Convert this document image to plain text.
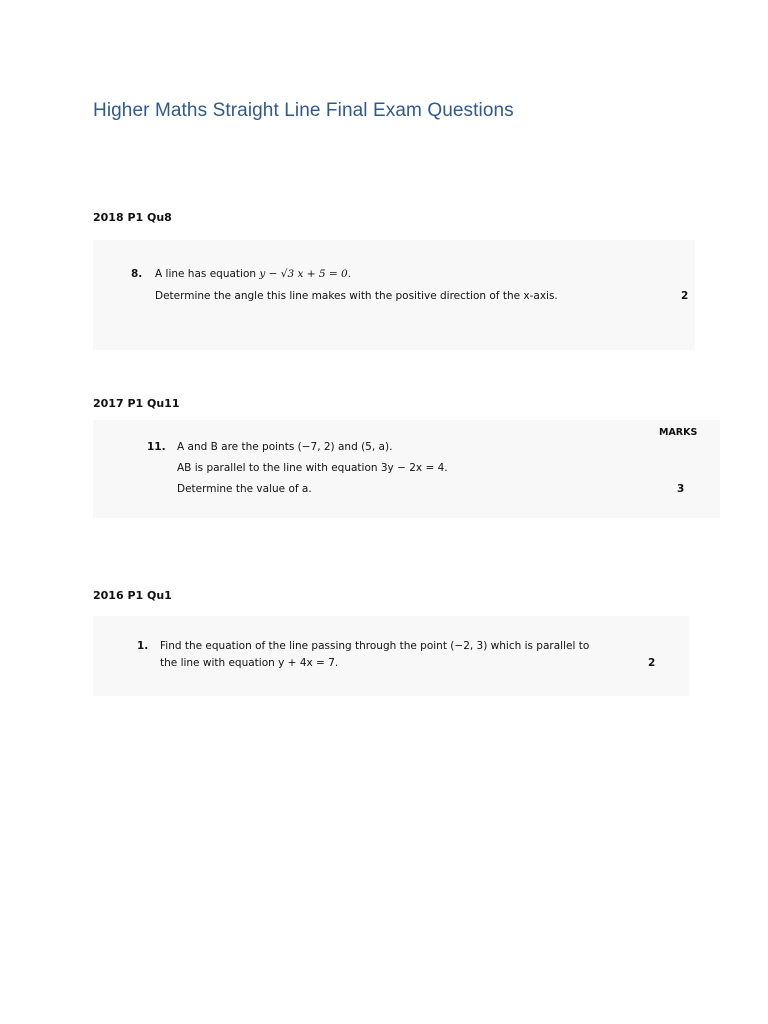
Higher Maths Straight Line Final Exam Questions
2018 P1 Qu8
8. A line has equation y − √3 x + 5 = 0.
Determine the angle this line makes with the positive direction of the x-axis.	2
2017 P1 Qu11
MARKS
11. A and B are the points (−7, 2) and (5, a).
AB is parallel to the line with equation 3y − 2x = 4.
Determine the value of a.	3
2016 P1 Qu1
1. Find the equation of the line passing through the point (−2, 3) which is parallel to
the line with equation y + 4x = 7.	2
